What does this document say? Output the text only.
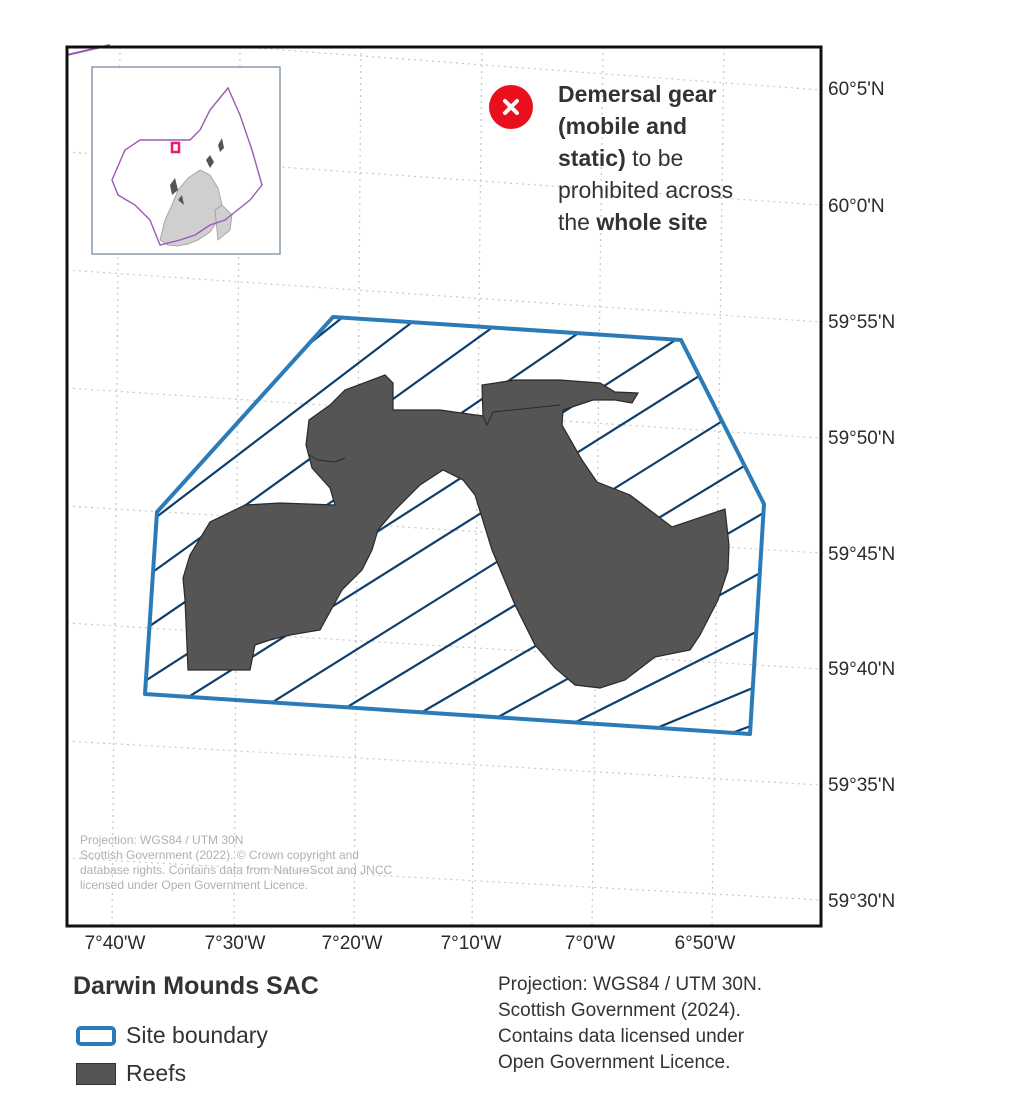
60°5'N
60°0'N
59°55'N
59°50'N
59°45'N
59°40'N
59°35'N
59°30'N
7°40'W	7°30'W	7°20'W	7°10'W	7°0'W	6°50'W
Demersal gear
(mobile and
static) to be
prohibited across
the whole site
Projection: WGS84 / UTM 30N
Scottish Government (2022). © Crown copyright and
database rights. Contains data from NatureScot and JNCC
licensed under Open Government Licence.
Darwin Mounds SAC
Site boundary
Reefs
Projection: WGS84 / UTM 30N.
Scottish Government (2024).
Contains data licensed under
Open Government Licence.
